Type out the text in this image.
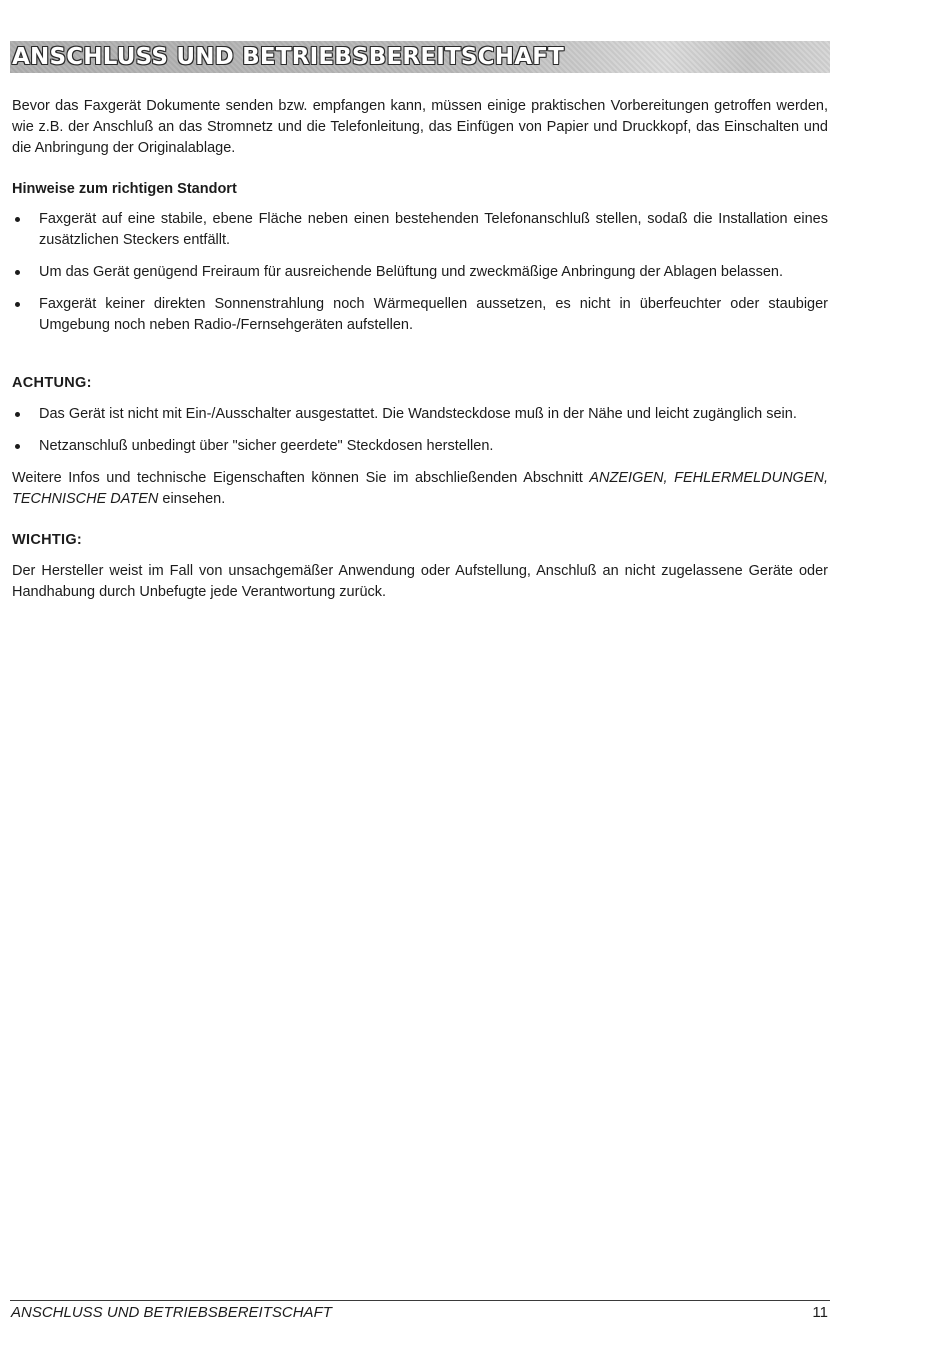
ANSCHLUSS UND BETRIEBSBEREITSCHAFT

Bevor das Faxgerät Dokumente senden bzw. empfangen kann, müssen einige praktischen Vorbereitungen getroffen werden, wie z.B. der Anschluß an das Stromnetz und die Telefonleitung, das Einfügen von Papier und Druckkopf, das Einschalten und die Anbringung der Originalablage.

Hinweise zum richtigen Standort
Faxgerät auf eine stabile, ebene Fläche neben einen bestehenden Telefonanschluß stellen, sodaß die Installation eines zusätzlichen Steckers entfällt.
Um das Gerät genügend Freiraum für ausreichende Belüftung und zweckmäßige Anbringung der Ablagen belassen.
Faxgerät keiner direkten Sonnenstrahlung noch Wärmequellen aussetzen, es nicht in überfeuchter oder staubiger Umgebung noch neben Radio-/Fernsehgeräten aufstellen.
ACHTUNG:
Das Gerät ist nicht mit Ein-/Ausschalter ausgestattet. Die Wandsteckdose muß in der Nähe und leicht zugänglich sein.
Netzanschluß unbedingt über "sicher geerdete" Steckdosen herstellen.

Weitere Infos und technische Eigenschaften können Sie im abschließenden Abschnitt ANZEIGEN, FEHLERMELDUNGEN, TECHNISCHE DATEN einsehen.

WICHTIG:

Der Hersteller weist im Fall von unsachgemäßer Anwendung oder Aufstellung, Anschluß an nicht zugelassene Geräte oder Handhabung durch Unbefugte jede Verantwortung zurück.

ANSCHLUSS UND BETRIEBSBEREITSCHAFT	11
